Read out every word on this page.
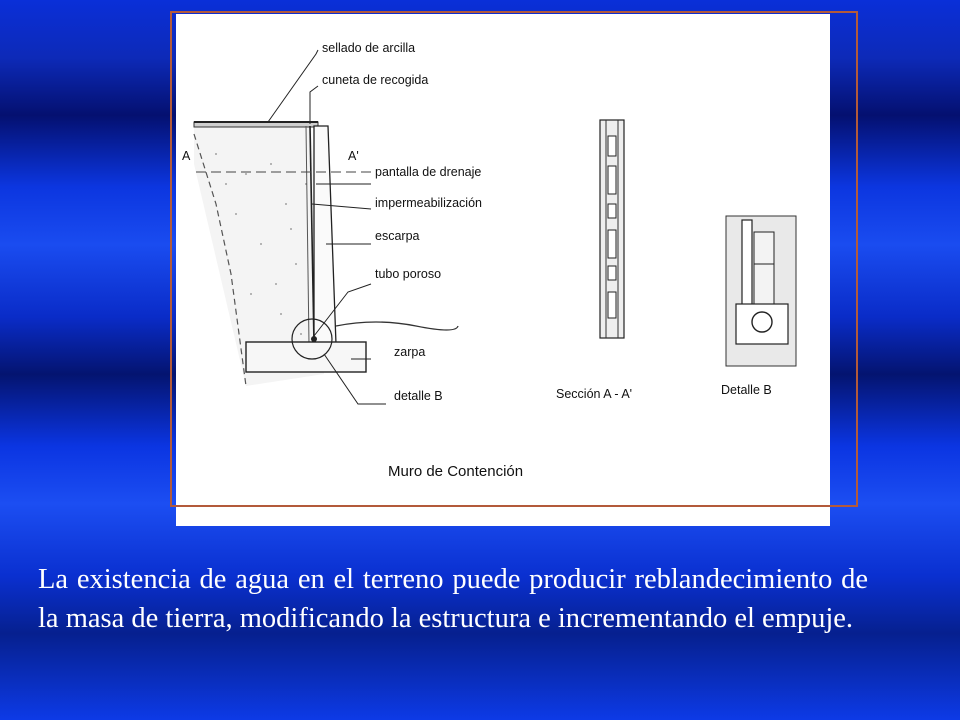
sellado de arcilla
cuneta de recogida
A	A'
pantalla de drenaje
impermeabilización
escarpa
tubo poroso
zarpa
detalle B	Sección A - A'	Detalle B
Muro de Contención
La existencia de agua en el terreno puede producir reblandecimiento de la masa de tierra, modificando la estructura e incrementando el empuje.
